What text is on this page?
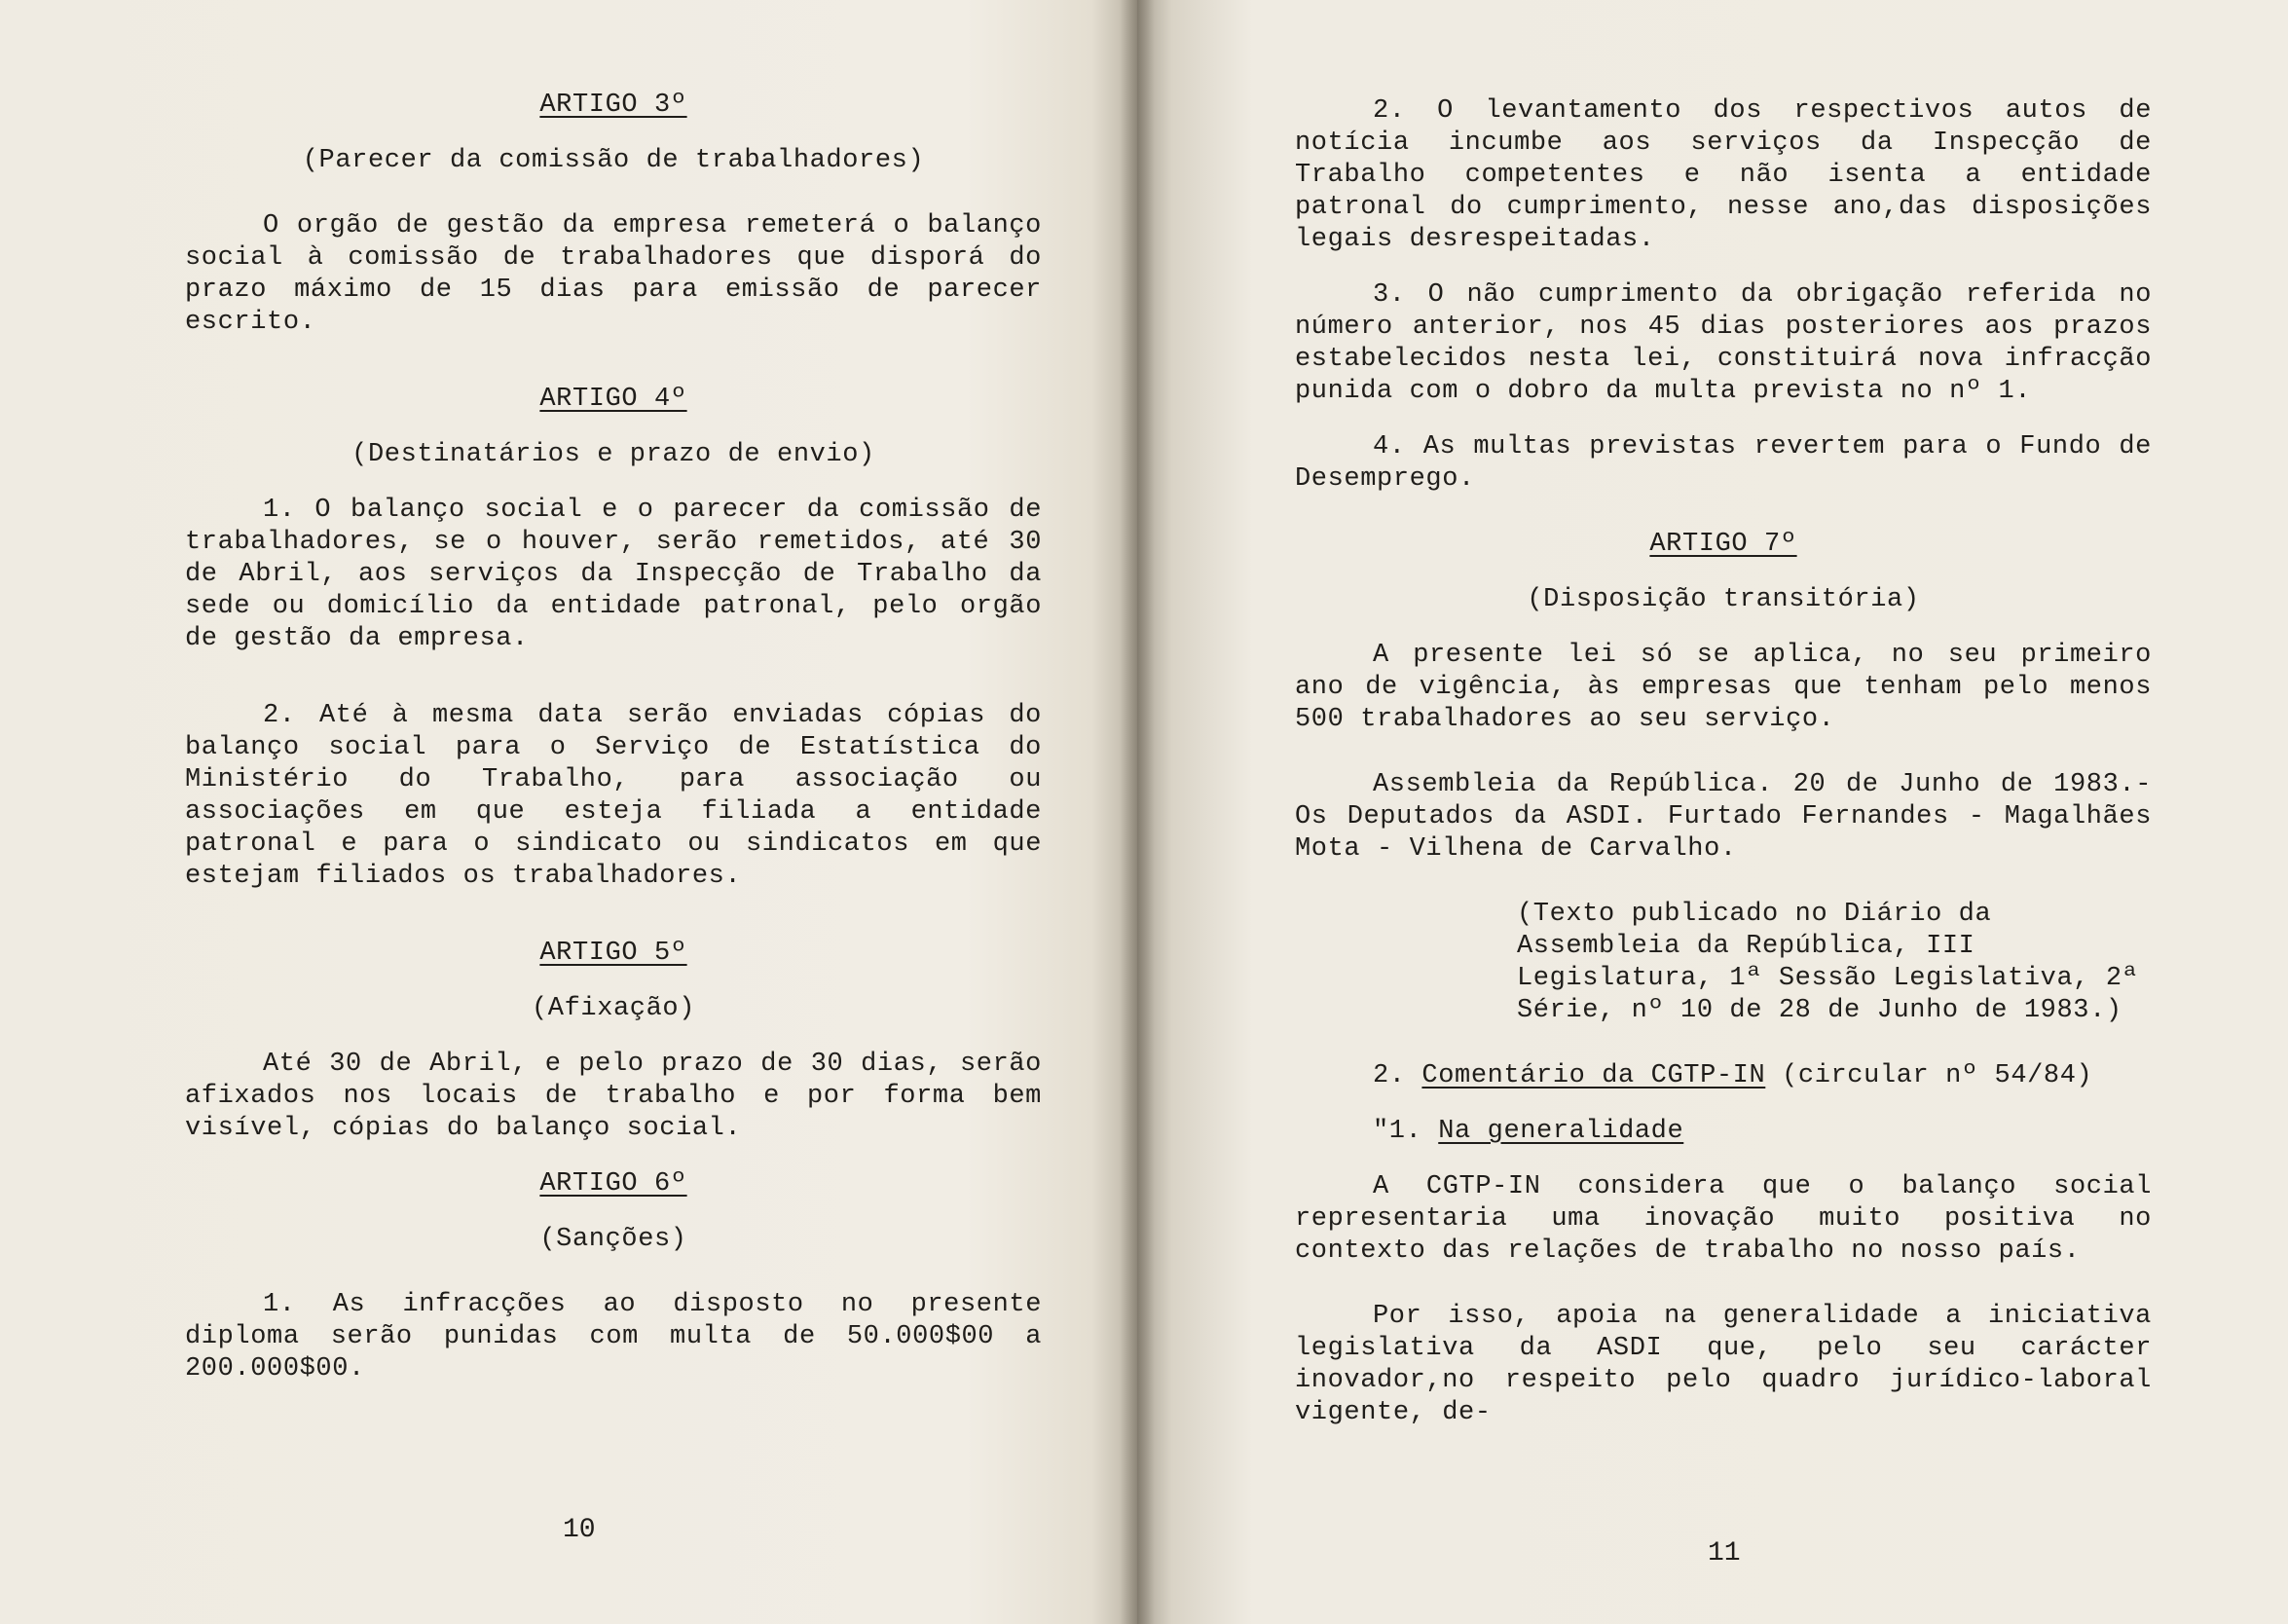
ARTIGO 3º

(Parecer da comissão de trabalhadores)

O orgão de gestão da empresa remeterá o balanço social à comissão de trabalhadores que disporá do prazo máximo de 15 dias para emissão de parecer escrito.

ARTIGO 4º

(Destinatários e prazo de envio)

1. O balanço social e o parecer da comissão de trabalhadores, se o houver, serão remetidos, até 30 de Abril, aos serviços da Inspecção de Trabalho da sede ou domicílio da entidade patronal, pelo orgão de gestão da empresa.

2. Até à mesma data serão enviadas cópias do balanço social para o Serviço de Estatística do Ministério do Trabalho, para associação ou associações em que esteja filiada a entidade patronal e para o sindicato ou sindicatos em que estejam filiados os trabalhadores.

ARTIGO 5º

(Afixação)

Até 30 de Abril, e pelo prazo de 30 dias, serão afixados nos locais de trabalho e por forma bem visível, cópias do balanço social.

ARTIGO 6º

(Sanções)

1. As infracções ao disposto no presente diploma serão punidas com multa de 50.000$00 a 200.000$00.

10

2. O levantamento dos respectivos autos de notícia incumbe aos serviços da Inspecção de Trabalho competentes e não isenta a entidade patronal do cumprimento, nesse ano,das disposições legais desrespeitadas.

3. O não cumprimento da obrigação referida no número anterior, nos 45 dias posteriores aos prazos estabelecidos nesta lei, constituirá nova infracção punida com o dobro da multa prevista no nº 1.

4. As multas previstas revertem para o Fundo de Desemprego.

ARTIGO 7º

(Disposição transitória)

A presente lei só se aplica, no seu primeiro ano de vigência, às empresas que tenham pelo menos 500 trabalhadores ao seu serviço.

Assembleia da República. 20 de Junho de 1983.- Os Deputados da ASDI. Furtado Fernandes - Magalhães Mota - Vilhena de Carvalho.

(Texto publicado no Diário da Assembleia da República, III Legislatura, 1ª Sessão Legislativa, 2ª Série, nº 10 de 28 de Junho de 1983.)

2. Comentário da CGTP-IN (circular nº 54/84)

"1. Na generalidade

A CGTP-IN considera que o balanço social representaria uma inovação muito positiva no contexto das relações de trabalho no nosso país.

Por isso, apoia na generalidade a iniciativa legislativa da ASDI que, pelo seu carácter inovador,no respeito pelo quadro jurídico-laboral vigente, de-

11
